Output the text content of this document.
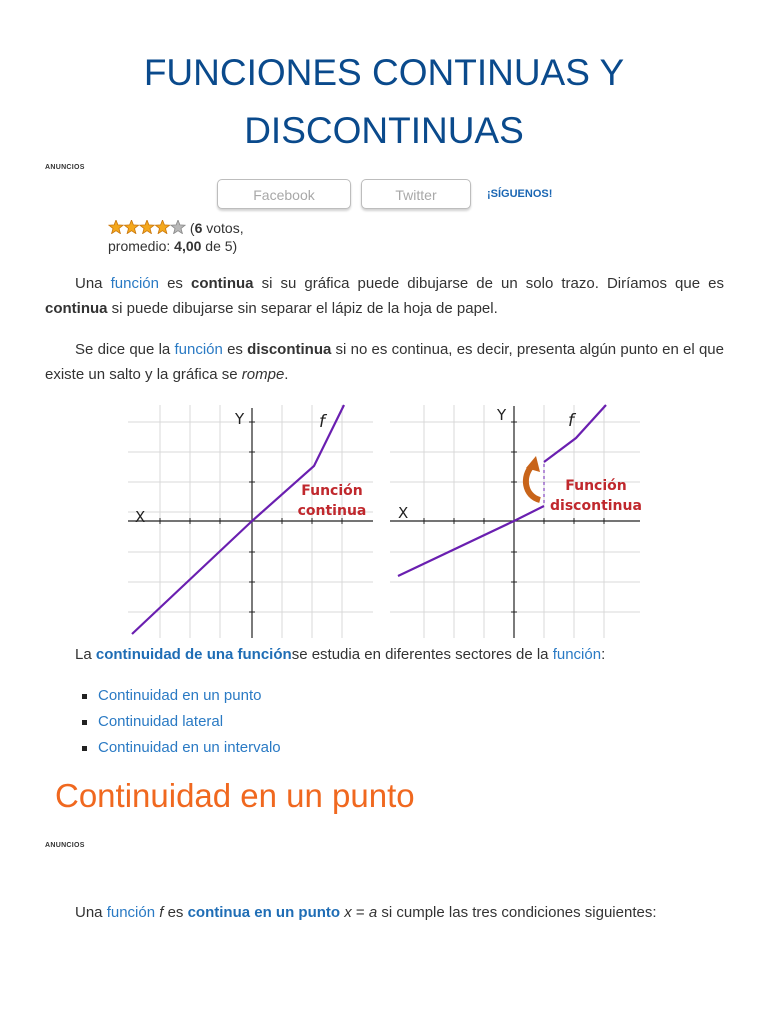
FUNCIONES CONTINUAS Y
DISCONTINUAS
ANUNCIOS
Facebook	Twitter	¡SÍGUENOS!
(6 votos,
promedio: 4,00 de 5)
Una función es continua si su gráfica puede dibujarse de un solo trazo. Diríamos que es continua si puede dibujarse sin separar el lápiz de la hoja de papel.
Se dice que la función es discontinua si no es continua, es decir, presenta algún punto en el que existe un salto y la gráfica se rompe.
Y
X
f
Función
continua
Y
X
f
Función
discontinua
La continuidad de una funciónse estudia en diferentes sectores de la función:
Continuidad en un punto
Continuidad lateral
Continuidad en un intervalo
Continuidad en un punto
ANUNCIOS
Una función f es continua en un punto x = a si cumple las tres condiciones siguientes:
